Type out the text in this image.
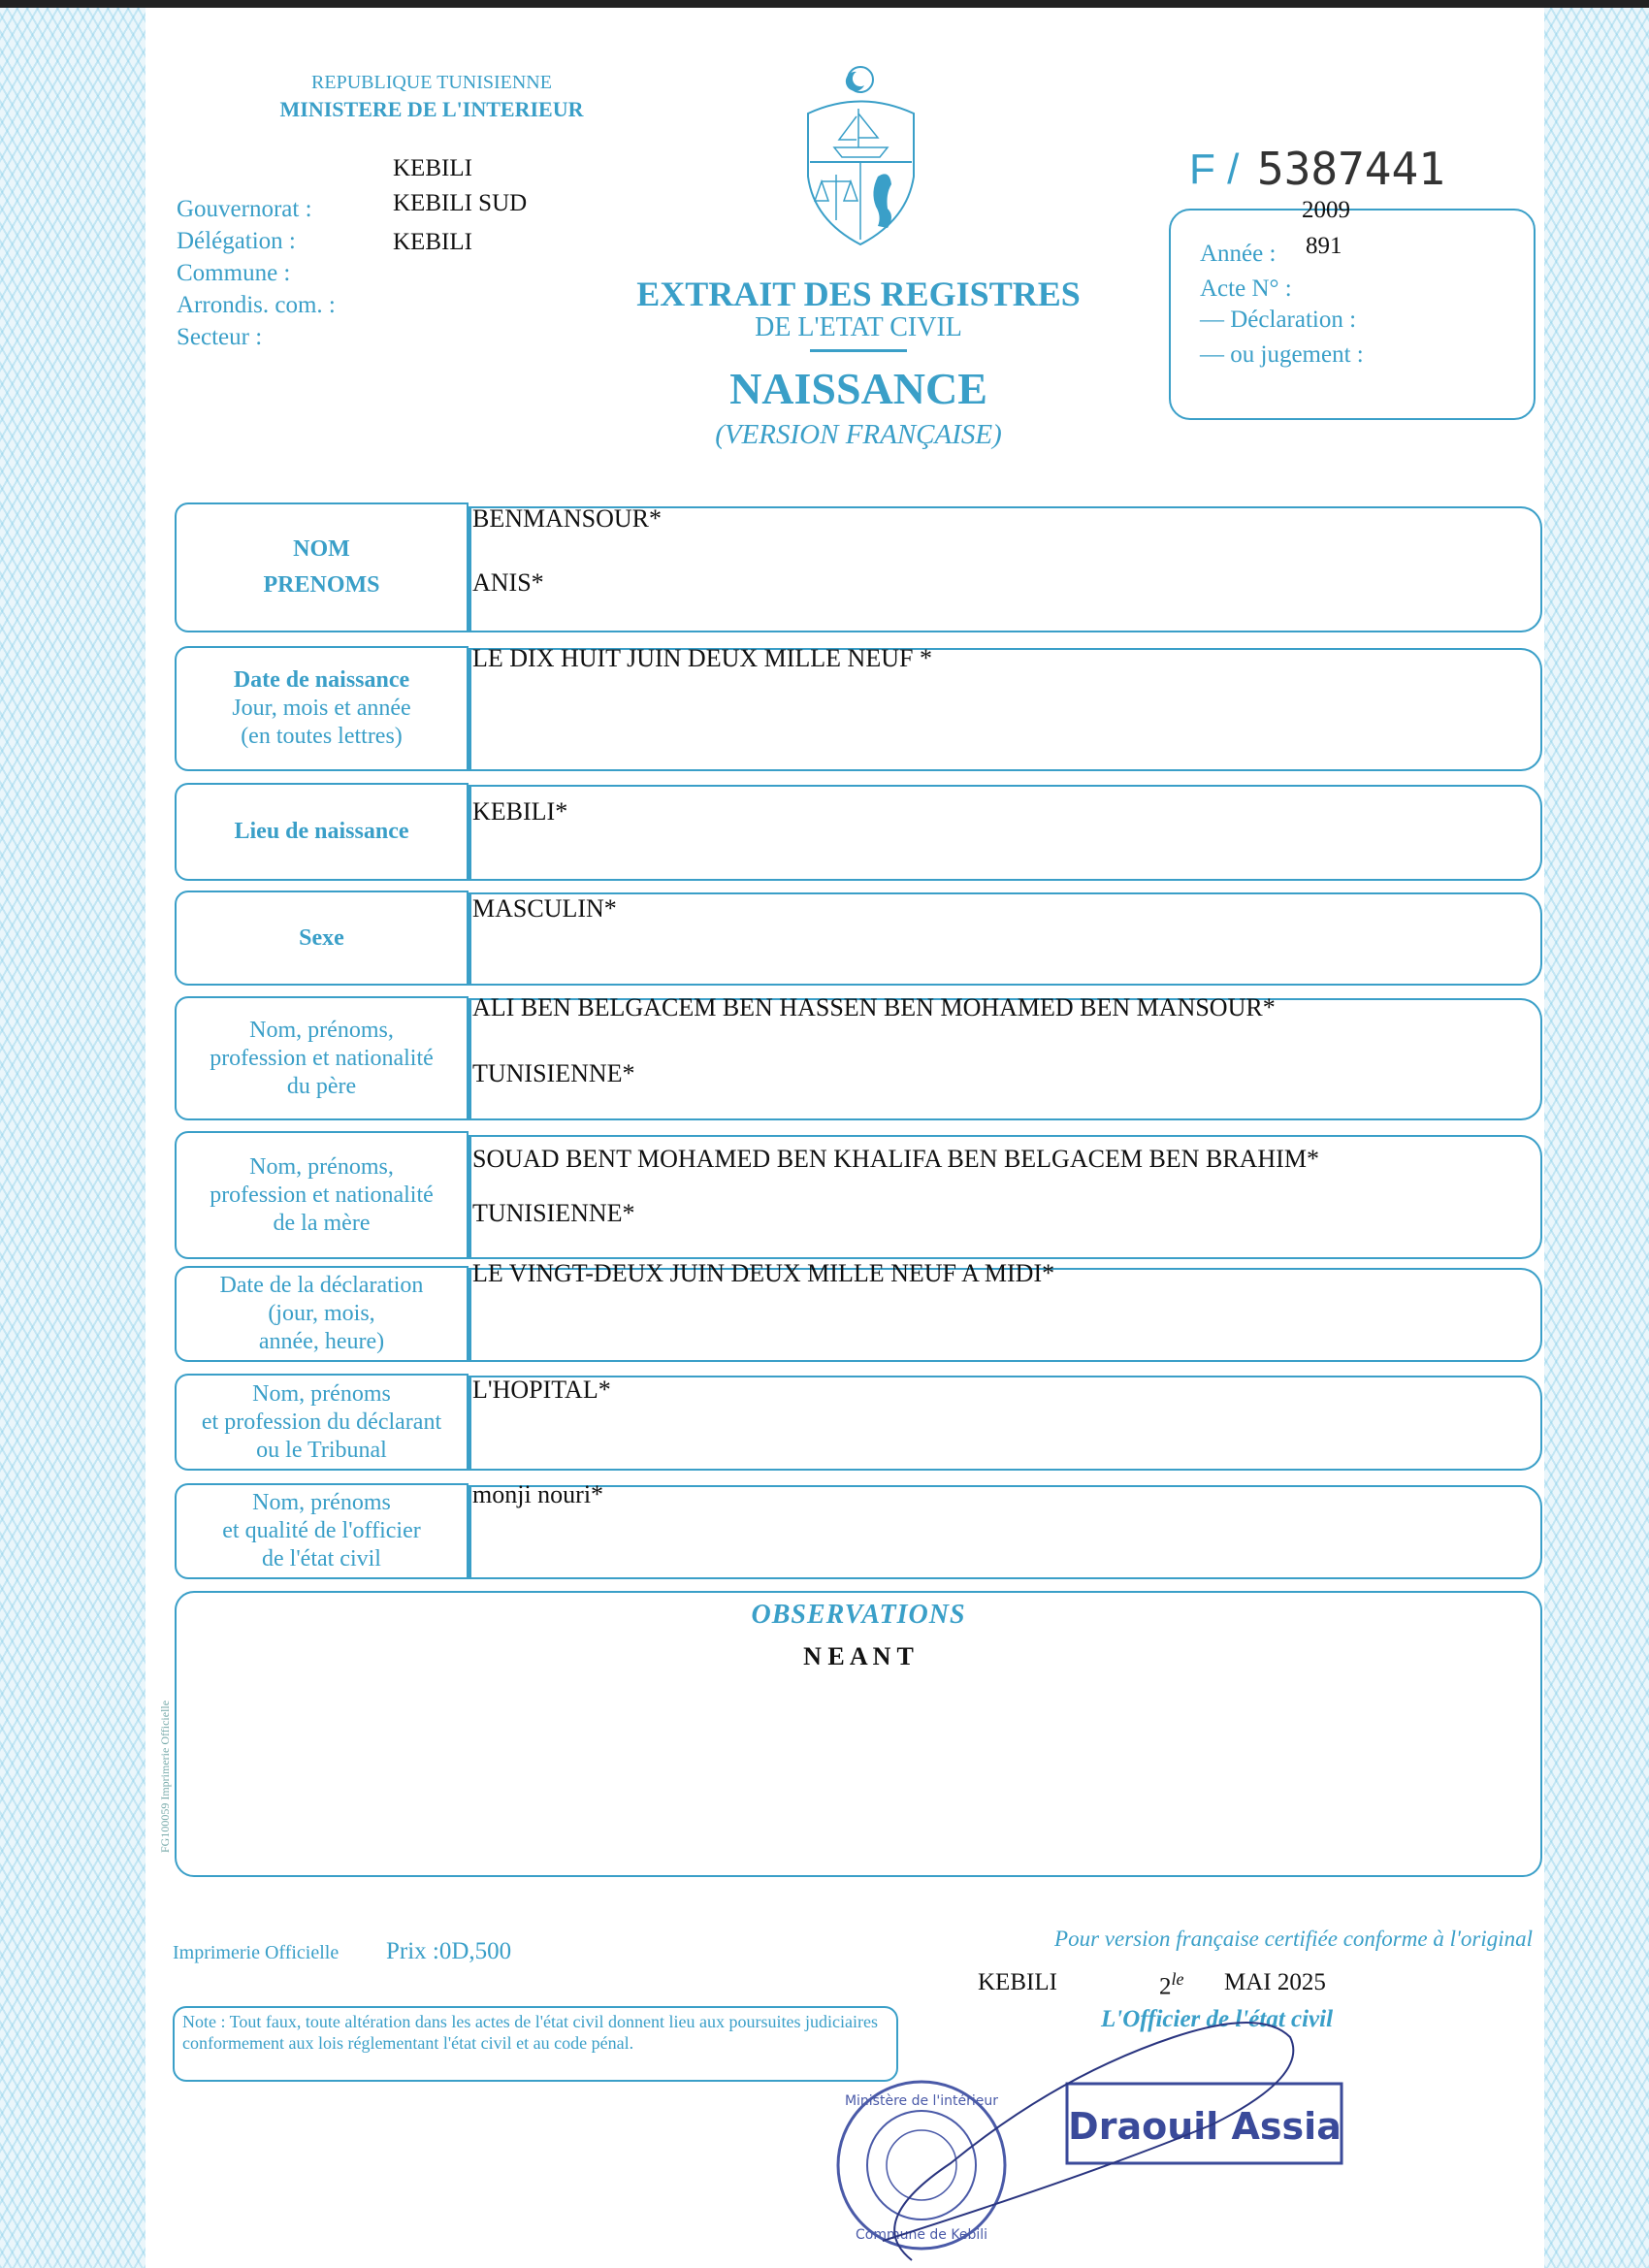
REPUBLIQUE TUNISIENNE
MINISTERE DE L'INTERIEUR
KEBILI
KEBILI SUD
KEBILI
Gouvernorat :
Délégation :
Commune :
Arrondis. com. :
Secteur :
EXTRAIT DES REGISTRES
DE L'ETAT CIVIL
NAISSANCE
(VERSION FRANÇAISE)
F / 5387441
2009
Année : 891
Acte N° :
— Déclaration :
— ou jugement :
NOM
PRENOMS
BENMANSOUR*
ANIS*
Date de naissance
Jour, mois et année
(en toutes lettres)
LE DIX HUIT JUIN DEUX MILLE NEUF *
Lieu de naissance
KEBILI*
Sexe
MASCULIN*
Nom, prénoms,
profession et nationalité
du père
ALI BEN BELGACEM BEN HASSEN BEN MOHAMED BEN MANSOUR*
TUNISIENNE*
Nom, prénoms,
profession et nationalité
de la mère
SOUAD BENT MOHAMED BEN KHALIFA BEN BELGACEM BEN BRAHIM*
TUNISIENNE*
Date de la déclaration
(jour, mois,
année, heure)
LE VINGT-DEUX JUIN DEUX MILLE NEUF A MIDI*
Nom, prénoms
et profession du déclarant
ou le Tribunal
L'HOPITAL*
Nom, prénoms
et qualité de l'officier
de l'état civil
monji nouri*
OBSERVATIONS
N E A N T
FG100059 Imprimerie Officielle
Imprimerie Officielle Prix :0D,500	Pour version française certifiée conforme à l'original
KEBILI	$2^{le}$ MAI 2025
L'Officier de l'état civil
Note : Tout faux, toute altération dans les actes de l'état civil donnent lieu aux poursuites judiciaires conformement aux lois réglementant l'état civil et au code pénal.
Ministère de l'intérieur
Commune de Kebili
Draouil Assia
